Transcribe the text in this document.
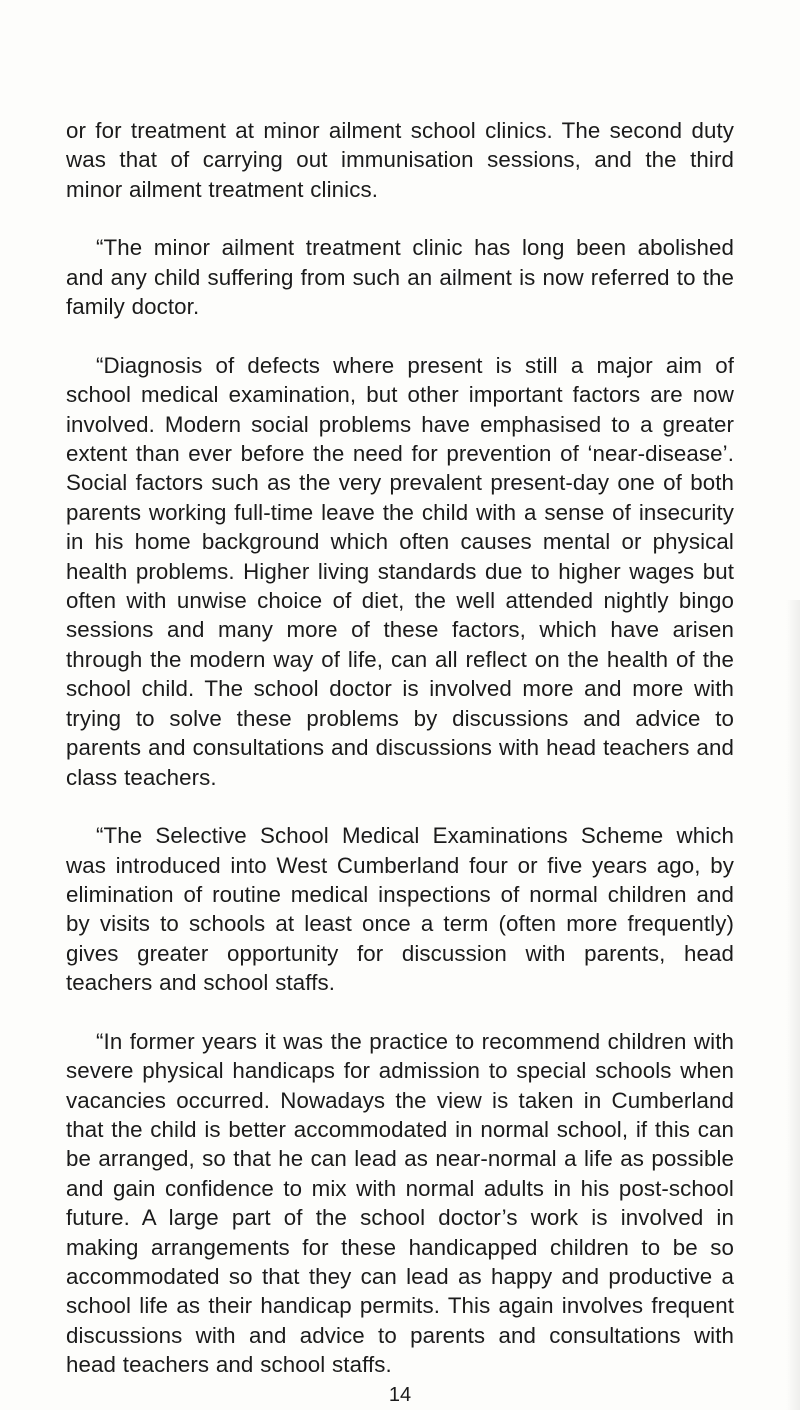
or for treatment at minor ailment school clinics. The second duty was that of carrying out immunisation sessions, and the third minor ailment treatment clinics.

“The minor ailment treatment clinic has long been abolished and any child suffering from such an ailment is now referred to the family doctor.

“Diagnosis of defects where present is still a major aim of school medical examination, but other important factors are now involved. Modern social problems have emphasised to a greater extent than ever before the need for prevention of ‘near-disease’. Social factors such as the very prevalent present-day one of both parents working full-time leave the child with a sense of insecurity in his home background which often causes mental or physical health problems. Higher living standards due to higher wages but often with unwise choice of diet, the well attended nightly bingo sessions and many more of these factors, which have arisen through the modern way of life, can all reflect on the health of the school child. The school doctor is involved more and more with trying to solve these problems by discussions and advice to parents and consultations and discussions with head teachers and class teachers.

“The Selective School Medical Examinations Scheme which was introduced into West Cumberland four or five years ago, by elimination of routine medical inspections of normal children and by visits to schools at least once a term (often more frequently) gives greater opportunity for discussion with parents, head teachers and school staffs.

“In former years it was the practice to recommend children with severe physical handicaps for admission to special schools when vacancies occurred. Nowadays the view is taken in Cumberland that the child is better accommodated in normal school, if this can be arranged, so that he can lead as near-normal a life as possible and gain confidence to mix with normal adults in his post-school future. A large part of the school doctor’s work is involved in making arrangements for these handicapped children to be so accommodated so that they can lead as happy and productive a school life as their handicap permits. This again involves frequent discussions with and advice to parents and consultations with head teachers and school staffs.

14
